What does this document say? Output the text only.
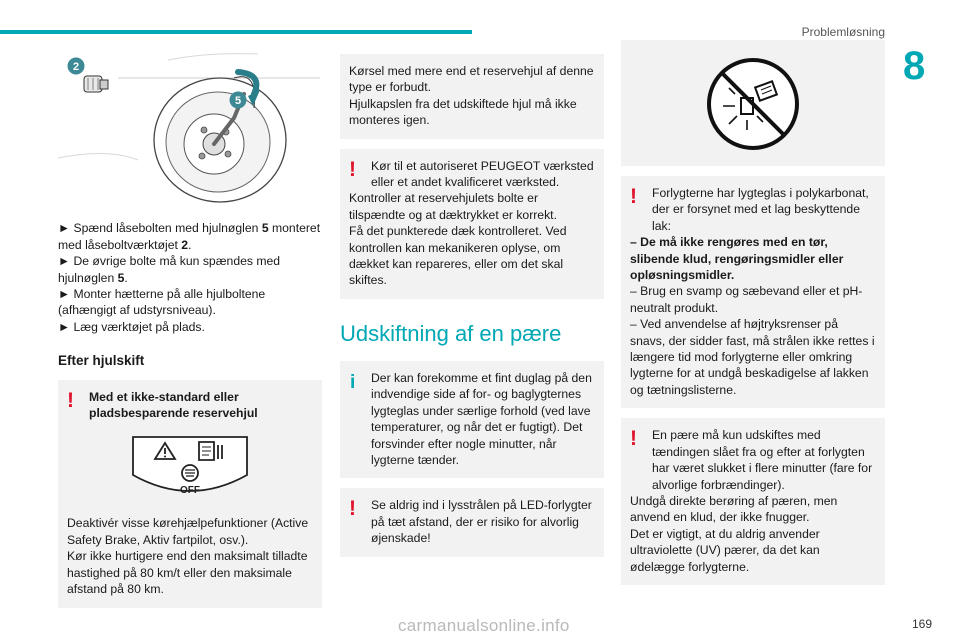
Problemløsning
8
2
5

► Spænd låsebolten med hjulnøglen 5 monteret med låseboltværktøjet 2.

► De øvrige bolte må kun spændes med hjulnøglen 5.

► Monter hætterne på alle hjulboltene (afhængigt af udstyrsniveau).

► Læg værktøjet på plads.

Efter hjulskift
!	Med et ikke-standard eller pladsbesparende reservehjul
OFF

Deaktivér visse kørehjælpefunktioner (Active Safety Brake, Aktiv fartpilot, osv.).

Kør ikke hurtigere end den maksimalt tilladte hastighed på 80 km/t eller den maksimale afstand på 80 km.

Kørsel med mere end et reservehjul af denne type er forbudt.

Hjulkapslen fra det udskiftede hjul må ikke monteres igen.

!	Kør til et autoriseret PEUGEOT værksted eller et andet kvalificeret værksted.

Kontroller at reservehjulets bolte er tilspændte og at dæktrykket er korrekt.

Få det punkterede dæk kontrolleret. Ved kontrollen kan mekanikeren oplyse, om dækket kan repareres, eller om det skal skiftes.

Udskiftning af en pære
i	Der kan forekomme et fint duglag på den indvendige side af for- og baglygternes lygteglas under særlige forhold (ved lave temperaturer, og når det er fugtigt). Det forsvinder efter nogle minutter, når lygterne tænder.

!	Se aldrig ind i lysstrålen på LED-forlygter på tæt afstand, der er risiko for alvorlig øjenskade!

!	Forlygterne har lygteglas i polykarbonat, der er forsynet med et lag beskyttende lak:

– De må ikke rengøres med en tør, slibende klud, rengøringsmidler eller opløsningsmidler.

– Brug en svamp og sæbevand eller et pH-neutralt produkt.

– Ved anvendelse af højtryksrenser på snavs, der sidder fast, må strålen ikke rettes i længere tid mod forlygterne eller omkring lygterne for at undgå beskadigelse af lakken og tætningslisterne.

!	En pære må kun udskiftes med tændingen slået fra og efter at forlygten har været slukket i flere minutter (fare for alvorlige forbrændinger).

Undgå direkte berøring af pæren, men anvend en klud, der ikke fnugger.

Det er vigtigt, at du aldrig anvender ultraviolette (UV) pærer, da det kan ødelægge forlygterne.

carmanualsonline.info	169
